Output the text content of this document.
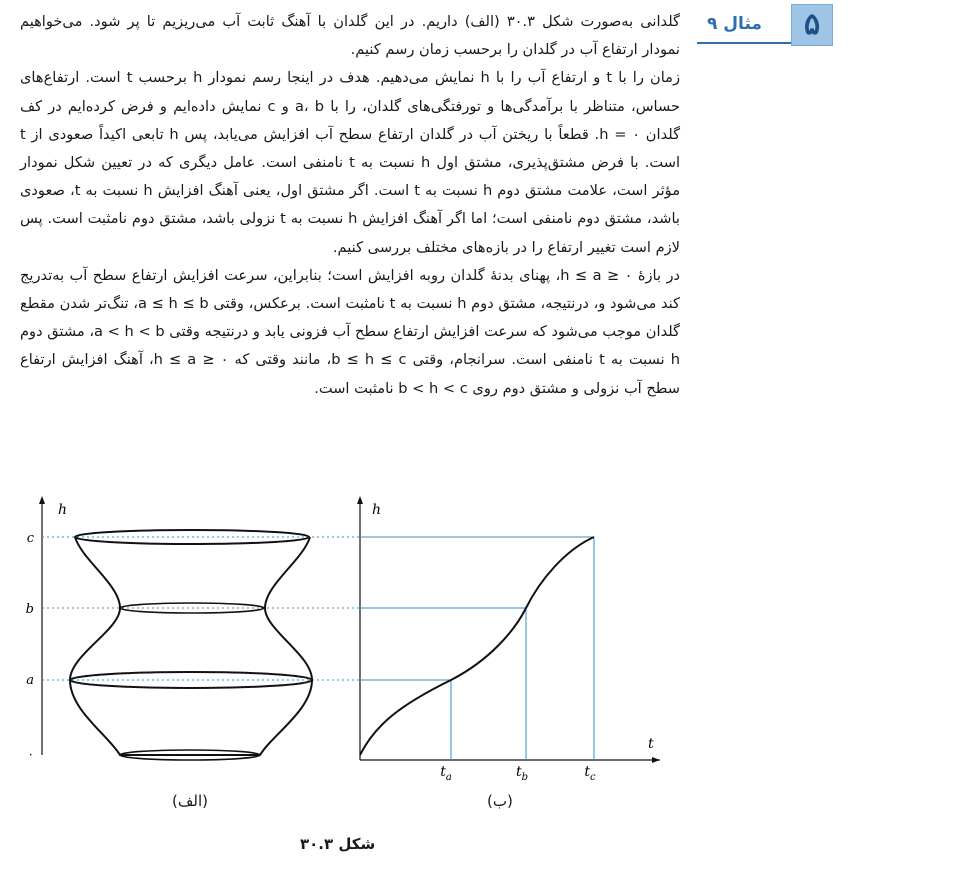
مثال ۹	۵

گلدانی به‌صورت شکل ۳۰.۳ (الف) داریم. در این گلدان با آهنگ ثابت آب می‌ریزیم تا پر شود. می‌خواهیم نمودار ارتفاع آب در گلدان را برحسب زمان رسم کنیم.

زمان را با t و ارتفاع آب را با h نمایش می‌دهیم. هدف در اینجا رسم نمودار h برحسب t است. ارتفاع‌های حساس، متناظر با برآمدگی‌ها و تورفتگی‌های گلدان، را با a، b و c نمایش داده‌ایم و فرض کرده‌ایم در کف گلدان h = ۰. قطعاً با ریختن آب در گلدان ارتفاع سطح آب افزایش می‌یابد، پس h تابعی اکیداً صعودی از t است. با فرض مشتق‌پذیری، مشتق اول h نسبت به t نامنفی است. عامل دیگری که در تعیین شکل نمودار مؤثر است، علامت مشتق دوم h نسبت به t است. اگر مشتق اول، یعنی آهنگ افزایش h نسبت به t، صعودی باشد، مشتق دوم نامنفی است؛ اما اگر آهنگ افزایش h نسبت به t نزولی باشد، مشتق دوم نامثبت است. پس لازم است تغییر ارتفاع را در بازه‌های مختلف بررسی کنیم.

در بازهٔ ۰ ≤ h ≤ a، پهنای بدنهٔ گلدان روبه افزایش است؛ بنابراین، سرعت افزایش ارتفاع سطح آب به‌تدریج کند می‌شود و، درنتیجه، مشتق دوم h نسبت به t نامثبت است. برعکس، وقتی a ≤ h ≤ b، تنگ‌تر شدن مقطع گلدان موجب می‌شود که سرعت افزایش ارتفاع سطح آب فزونی یابد و درنتیجه وقتی a < h < b، مشتق دوم h نسبت به t نامنفی است. سرانجام، وقتی b ≤ h ≤ c، مانند وقتی که ۰ ≤ h ≤ a، آهنگ افزایش ارتفاع سطح آب نزولی و مشتق دوم روی b < h < c نامثبت است.

h
c
b
a
۰
h
t
$t_a$	$t_b$	$t_c$
(الف)	(ب)
شکل ۳۰.۳
